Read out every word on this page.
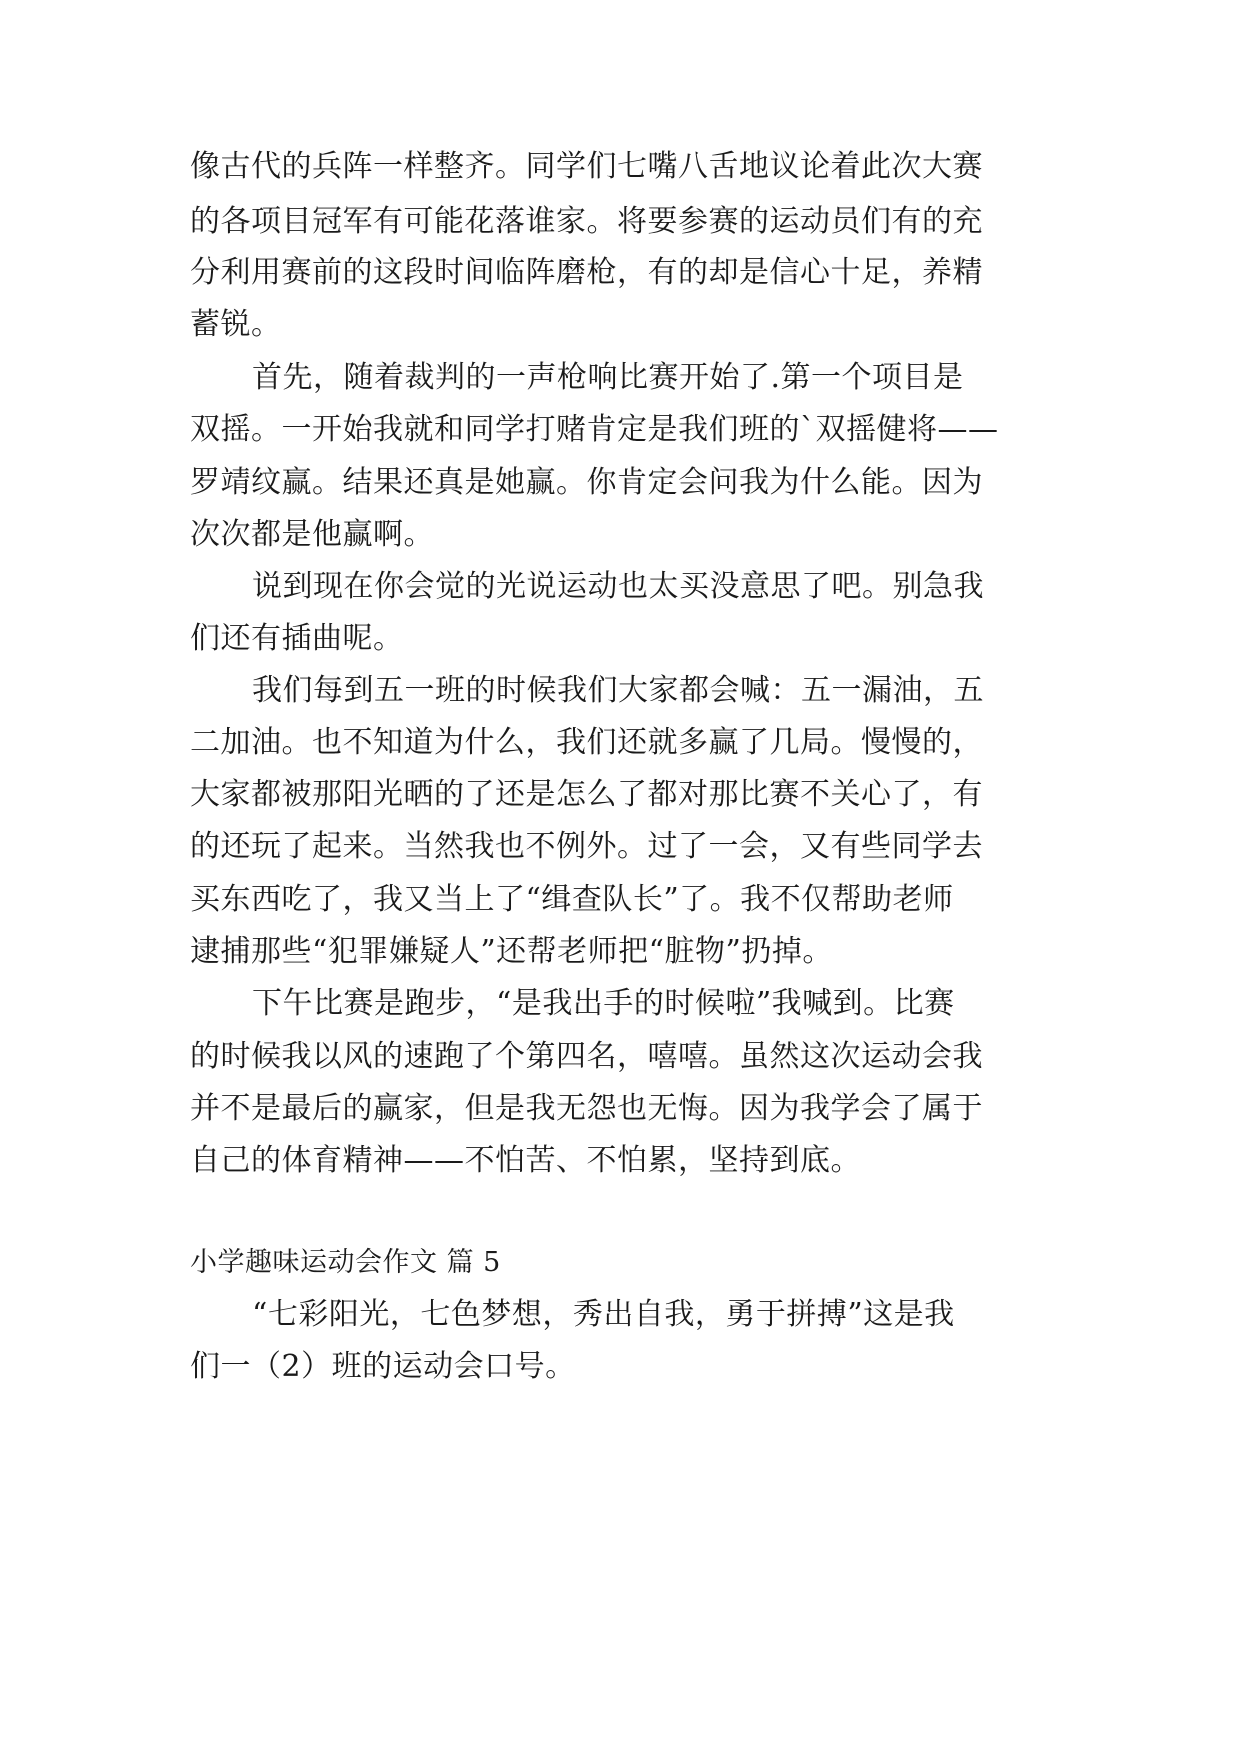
像古代的兵阵一样整齐。同学们七嘴八舌地议论着此次大赛
的各项目冠军有可能花落谁家。将要参赛的运动员们有的充
分利用赛前的这段时间临阵磨枪，有的却是信心十足，养精
蓄锐。
首先，随着裁判的一声枪响比赛开始了.第一个项目是
双摇。一开始我就和同学打赌肯定是我们班的`双摇健将——
罗靖纹赢。结果还真是她赢。你肯定会问我为什么能。因为
次次都是他赢啊。
说到现在你会觉的光说运动也太买没意思了吧。别急我
们还有插曲呢。
我们每到五一班的时候我们大家都会喊：五一漏油，五
二加油。也不知道为什么，我们还就多赢了几局。慢慢的，
大家都被那阳光晒的了还是怎么了都对那比赛不关心了，有
的还玩了起来。当然我也不例外。过了一会，又有些同学去
买东西吃了，我又当上了“缉查队长”了。我不仅帮助老师
逮捕那些“犯罪嫌疑人”还帮老师把“脏物”扔掉。
下午比赛是跑步，“是我出手的时候啦”我喊到。比赛
的时候我以风的速跑了个第四名，嘻嘻。虽然这次运动会我
并不是最后的赢家，但是我无怨也无悔。因为我学会了属于
自己的体育精神——不怕苦、不怕累，坚持到底。
小学趣味运动会作文 篇 5
“七彩阳光，七色梦想，秀出自我，勇于拼搏”这是我
们一（2）班的运动会口号。
